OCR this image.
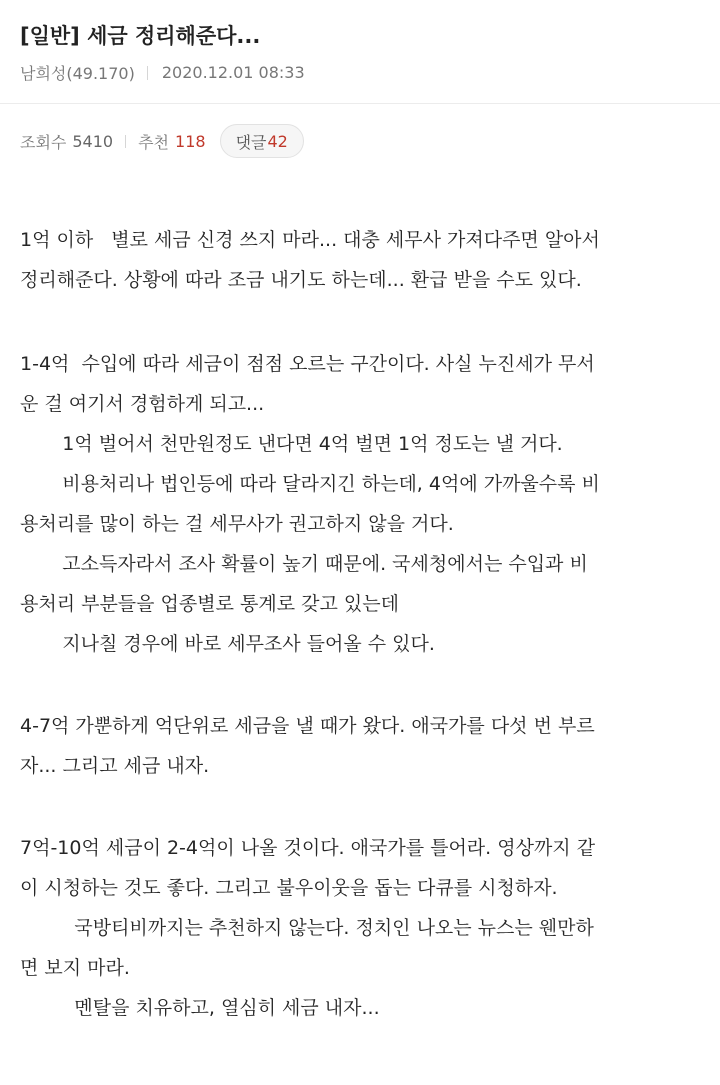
[일반] 세금 정리해준다...
남희성(49.170) 2020.12.01 08:33
조회수 5410 추천 118 댓글 42

1억 이하   별로 세금 신경 쓰지 마라... 대충 세무사 가져다주면 알아서

정리해준다. 상황에 따라 조금 내기도 하는데... 환급 받을 수도 있다.

1-4억  수입에 따라 세금이 점점 오르는 구간이다. 사실 누진세가 무서

운 걸 여기서 경험하게 되고...

1억 벌어서 천만원정도 낸다면 4억 벌면 1억 정도는 낼 거다.

비용처리나 법인등에 따라 달라지긴 하는데, 4억에 가까울수록 비

용처리를 많이 하는 걸 세무사가 권고하지 않을 거다.

고소득자라서 조사 확률이 높기 때문에. 국세청에서는 수입과 비

용처리 부분들을 업종별로 통계로 갖고 있는데

지나칠 경우에 바로 세무조사 들어올 수 있다.

4-7억 가뿐하게 억단위로 세금을 낼 때가 왔다. 애국가를 다섯 번 부르

자... 그리고 세금 내자.

7억-10억 세금이 2-4억이 나올 것이다. 애국가를 틀어라. 영상까지 같

이 시청하는 것도 좋다. 그리고 불우이웃을 돕는 다큐를 시청하자.

국방티비까지는 추천하지 않는다. 정치인 나오는 뉴스는 웬만하

면 보지 마라.

멘탈을 치유하고, 열심히 세금 내자...
